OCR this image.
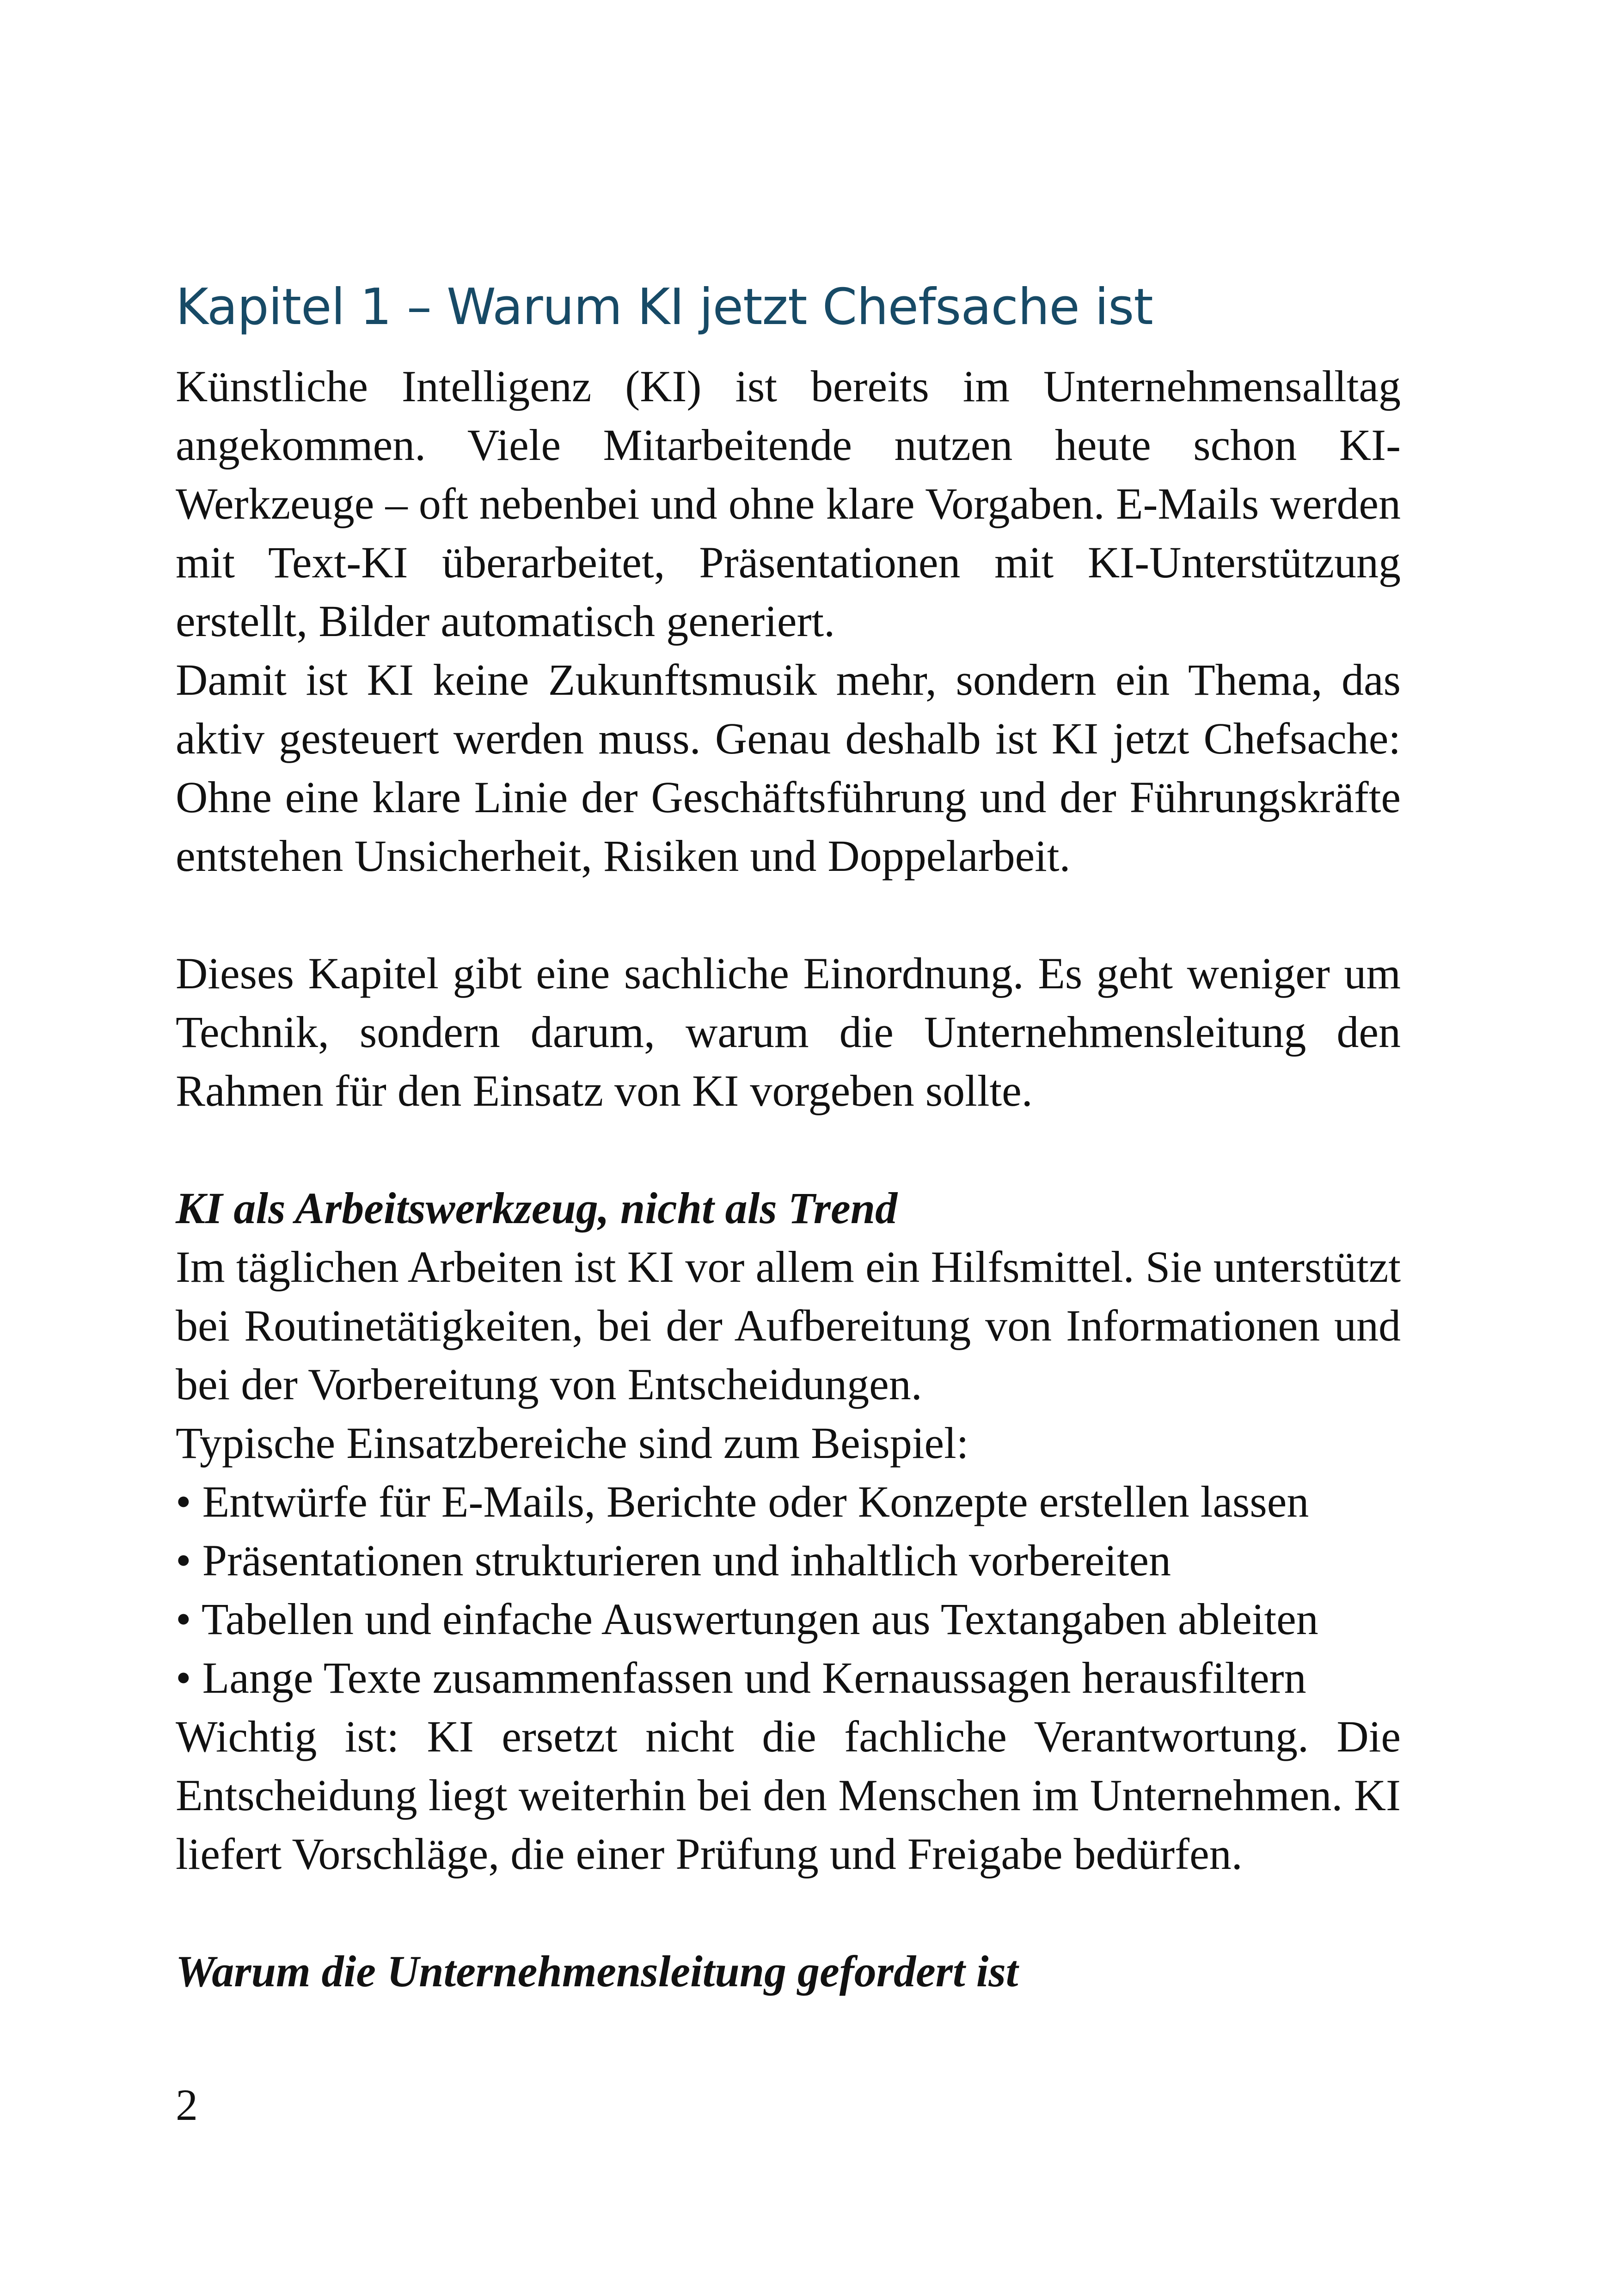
Kapitel 1 – Warum KI jetzt Chefsache ist

Künstliche Intelligenz (KI) ist bereits im Unternehmensalltag angekommen. Viele Mitarbeitende nutzen heute schon KI-Werkzeuge – oft nebenbei und ohne klare Vorgaben. E-Mails werden mit Text-KI überarbeitet, Präsentationen mit KI-Unterstützung erstellt, Bilder automatisch generiert.

Damit ist KI keine Zukunftsmusik mehr, sondern ein Thema, das aktiv gesteuert werden muss. Genau deshalb ist KI jetzt Chefsache: Ohne eine klare Linie der Geschäftsführung und der Führungskräfte entstehen Unsicherheit, Risiken und Doppelarbeit.

Dieses Kapitel gibt eine sachliche Einordnung. Es geht weniger um Technik, sondern darum, warum die Unternehmensleitung den Rahmen für den Einsatz von KI vorgeben sollte.

KI als Arbeitswerkzeug, nicht als Trend

Im täglichen Arbeiten ist KI vor allem ein Hilfsmittel. Sie unterstützt bei Routinetätigkeiten, bei der Aufbereitung von Informationen und bei der Vorbereitung von Entscheidungen.

Typische Einsatzbereiche sind zum Beispiel:

• Entwürfe für E-Mails, Berichte oder Konzepte erstellen lassen
• Präsentationen strukturieren und inhaltlich vorbereiten
• Tabellen und einfache Auswertungen aus Textangaben ableiten
• Lange Texte zusammenfassen und Kernaussagen herausfiltern

Wichtig ist: KI ersetzt nicht die fachliche Verantwortung. Die Entscheidung liegt weiterhin bei den Menschen im Unternehmen. KI liefert Vorschläge, die einer Prüfung und Freigabe bedürfen.

Warum die Unternehmensleitung gefordert ist
2
